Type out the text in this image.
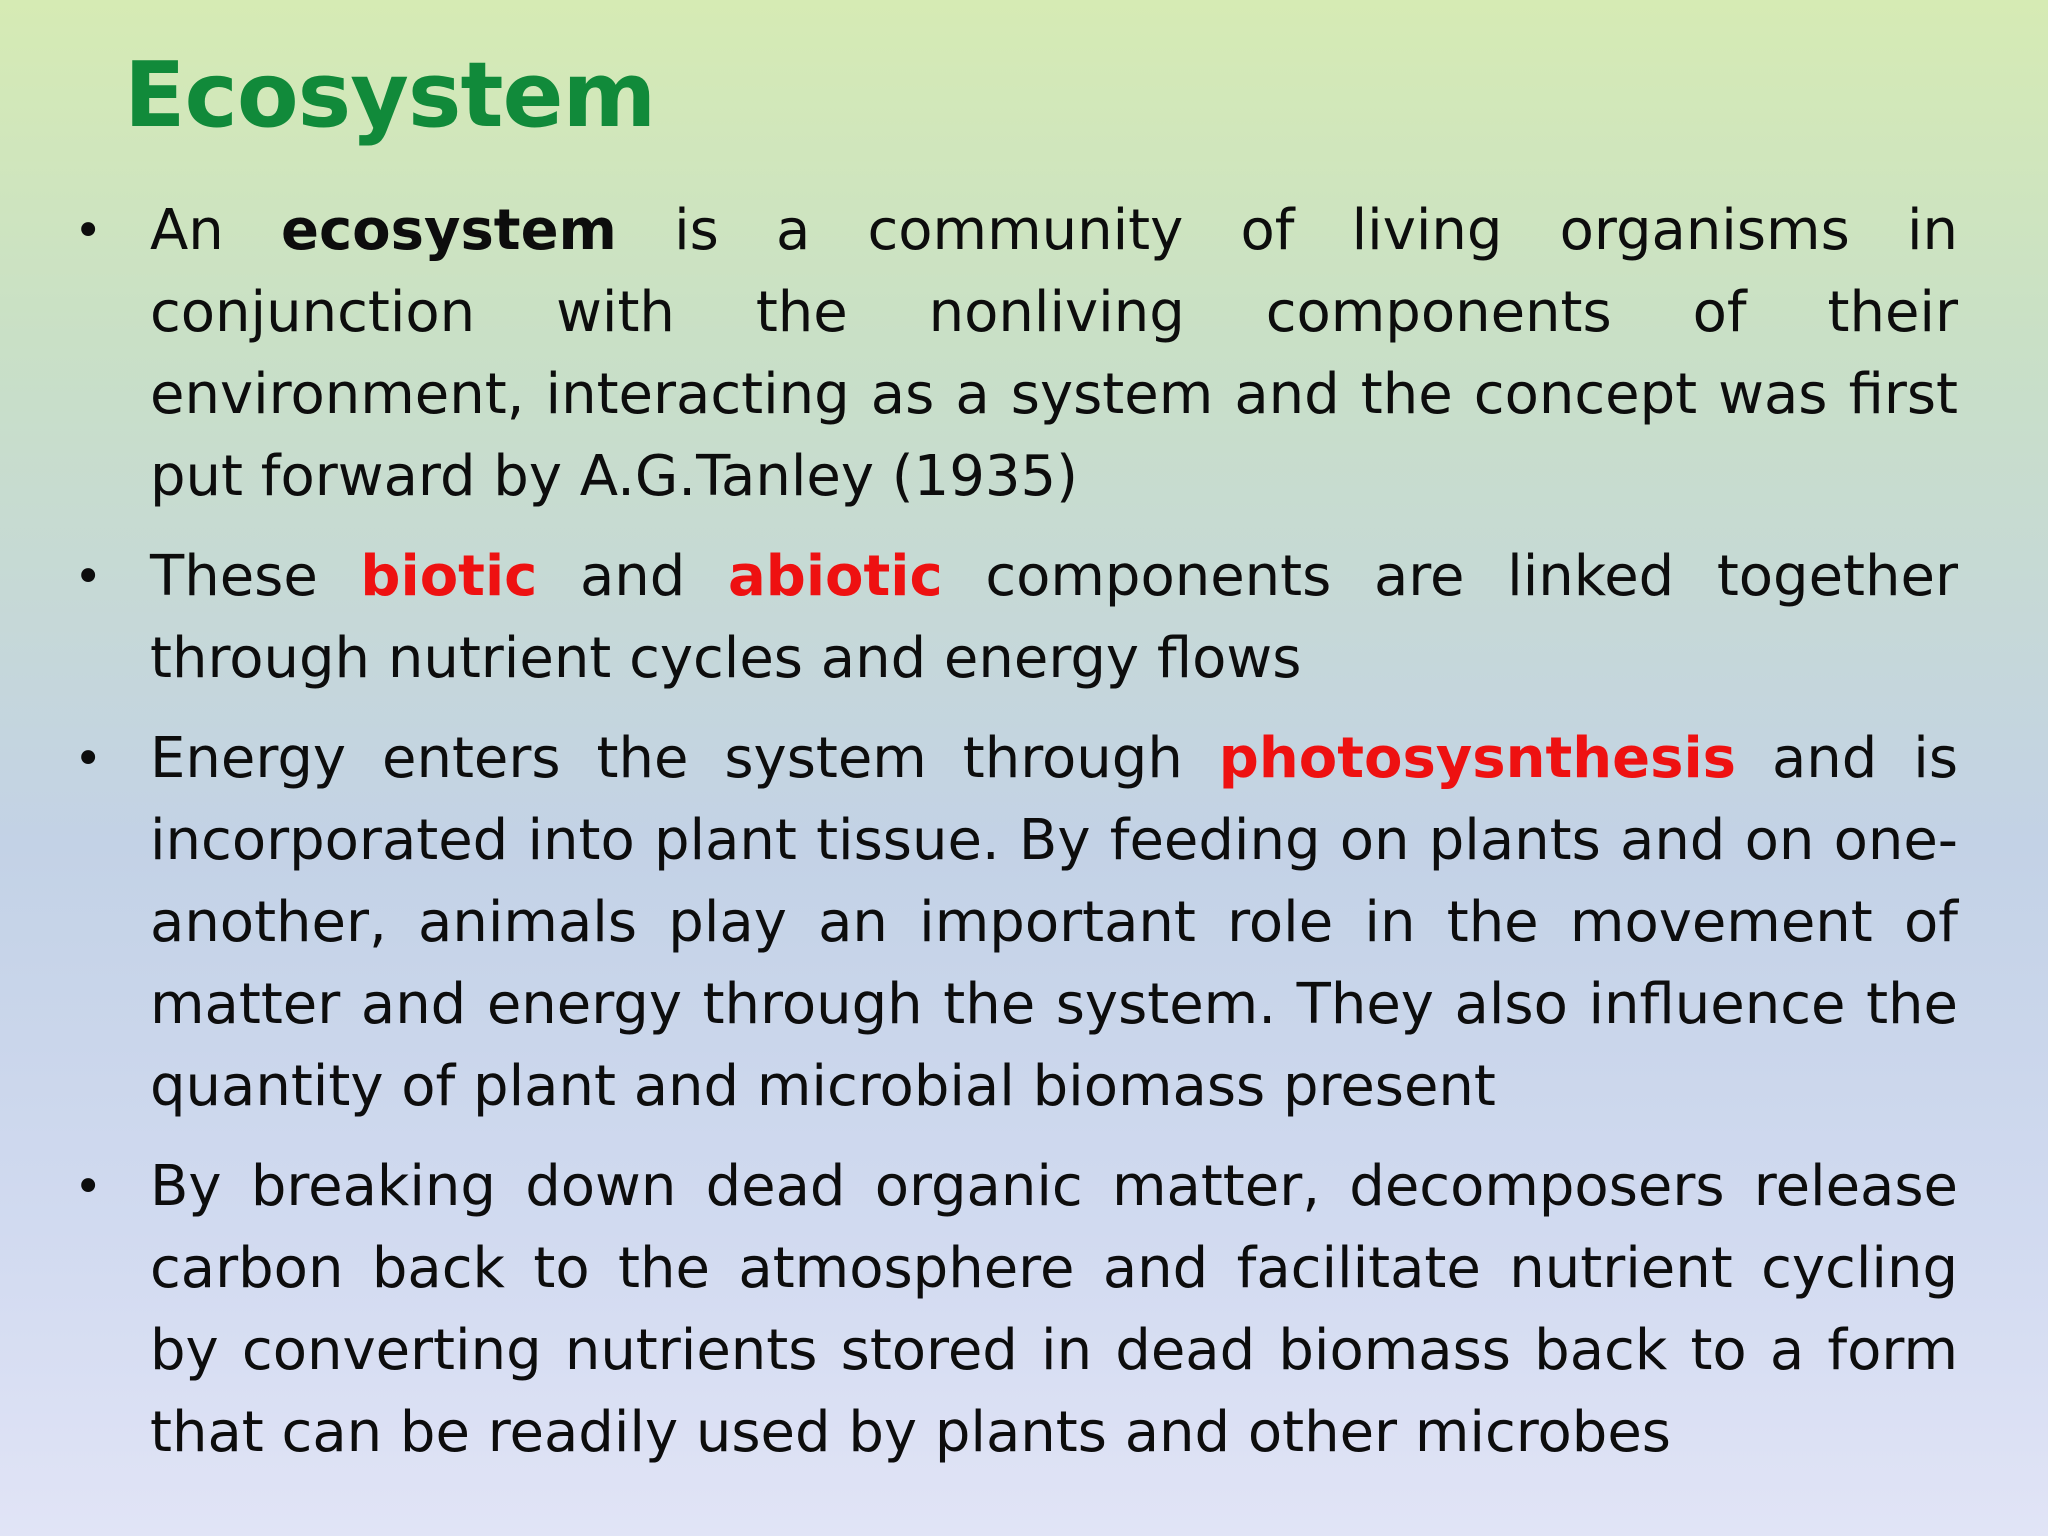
Ecosystem
• An ecosystem is a community of living organisms in conjunction with the nonliving components of their environment, interacting as a system and the concept was first put forward by A.G.Tanley (1935)
• These biotic and abiotic components are linked together through nutrient cycles and energy flows
• Energy enters the system through photosysnthesis and is incorporated into plant tissue. By feeding on plants and on one-another, animals play an important role in the movement of matter and energy through the system. They also influence the quantity of plant and microbial biomass present
• By breaking down dead organic matter, decomposers release carbon back to the atmosphere and facilitate nutrient cycling by converting nutrients stored in dead biomass back to a form that can be readily used by plants and other microbes
